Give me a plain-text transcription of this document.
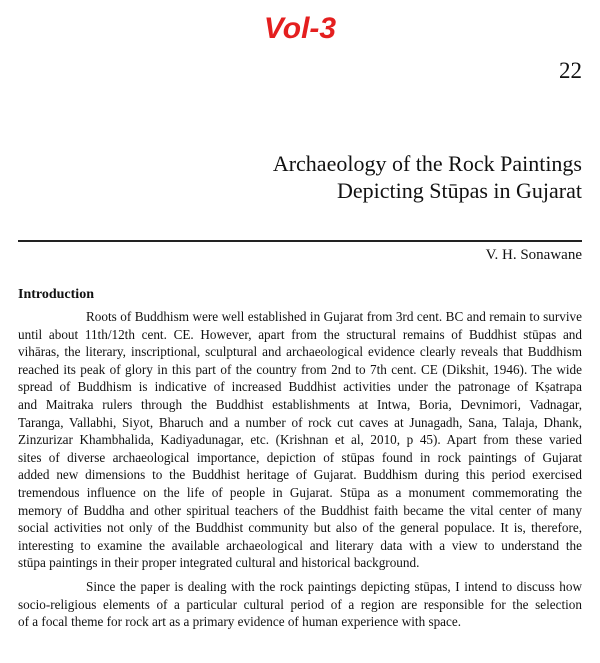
Vol-3
22
Archaeology of the Rock Paintings
Depicting Stūpas in Gujarat
V. H. Sonawane
Introduction
Roots of Buddhism were well established in Gujarat from 3rd cent. BC and remain to survive
until about 11th/12th cent. CE. However, apart from the structural remains of Buddhist stūpas and
vihāras, the literary, inscriptional, sculptural and archaeological evidence clearly reveals that Buddhism
reached its peak of glory in this part of the country from 2nd to 7th cent. CE (Dikshit, 1946). The wide
spread of Buddhism is indicative of increased Buddhist activities under the patronage of Kṣatrapa
and Maitraka rulers through the Buddhist establishments at Intwa, Boria, Devnimori, Vadnagar,
Taranga, Vallabhi, Siyot, Bharuch and a number of rock cut caves at Junagadh, Sana, Talaja, Dhank,
Zinzurizar Khambhalida, Kadiyadunagar, etc. (Krishnan et al, 2010, p 45). Apart from these varied
sites of diverse archaeological importance, depiction of stūpas found in rock paintings of Gujarat
added new dimensions to the Buddhist heritage of Gujarat. Buddhism during this period exercised
tremendous influence on the life of people in Gujarat. Stūpa as a monument commemorating the
memory of Buddha and other spiritual teachers of the Buddhist faith became the vital center of many
social activities not only of the Buddhist community but also of the general populace. It is, therefore,
interesting to examine the available archaeological and literary data with a view to understand the
stūpa paintings in their proper integrated cultural and historical background.
Since the paper is dealing with the rock paintings depicting stūpas, I intend to discuss how
socio-religious elements of a particular cultural period of a region are responsible for the selection
of a focal theme for rock art as a primary evidence of human experience with space.
